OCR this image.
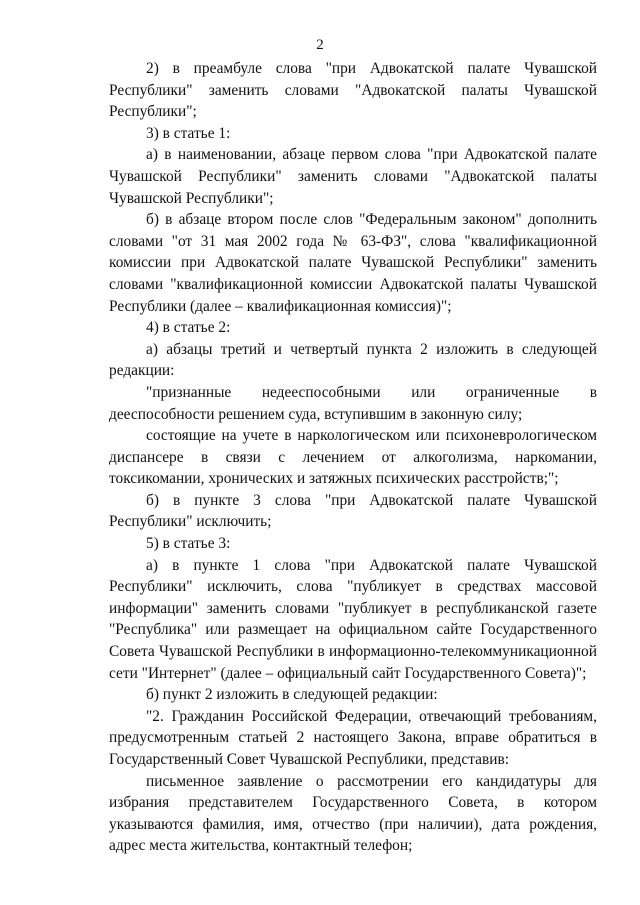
2

2) в преамбуле слова "при Адвокатской палате Чувашской Республики" заменить словами "Адвокатской палаты Чувашской Республики";

3) в статье 1:

а) в наименовании, абзаце первом слова "при Адвокатской палате Чувашской Республики" заменить словами "Адвокатской палаты Чувашской Республики";

б) в абзаце втором после слов "Федеральным законом" дополнить словами "от 31 мая 2002 года № 63-ФЗ", слова "квалификационной комиссии при Адвокатской палате Чувашской Республики" заменить словами "квалификационной комиссии Адвокатской палаты Чувашской Республики (далее – квалификационная комиссия)";

4) в статье 2:

а) абзацы третий и четвертый пункта 2 изложить в следующей редакции:

"признанные недееспособными или ограниченные в дееспособности решением суда, вступившим в законную силу;

состоящие на учете в наркологическом или психоневрологическом диспансере в связи с лечением от алкоголизма, наркомании, токсикомании, хронических и затяжных психических расстройств;";

б) в пункте 3 слова "при Адвокатской палате Чувашской Республики" исключить;

5) в статье 3:

а) в пункте 1 слова "при Адвокатской палате Чувашской Республики" исключить, слова "публикует в средствах массовой информации" заменить словами "публикует в республиканской газете "Республика" или размещает на официальном сайте Государственного Совета Чувашской Республики в информационно-телекоммуникационной сети "Интернет" (далее – официальный сайт Государственного Совета)";

б) пункт 2 изложить в следующей редакции:

"2. Гражданин Российской Федерации, отвечающий требованиям, предусмотренным статьей 2 настоящего Закона, вправе обратиться в Государственный Совет Чувашской Республики, представив:

письменное заявление о рассмотрении его кандидатуры для избрания представителем Государственного Совета, в котором указываются фамилия, имя, отчество (при наличии), дата рождения, адрес места жительства, контактный телефон;
